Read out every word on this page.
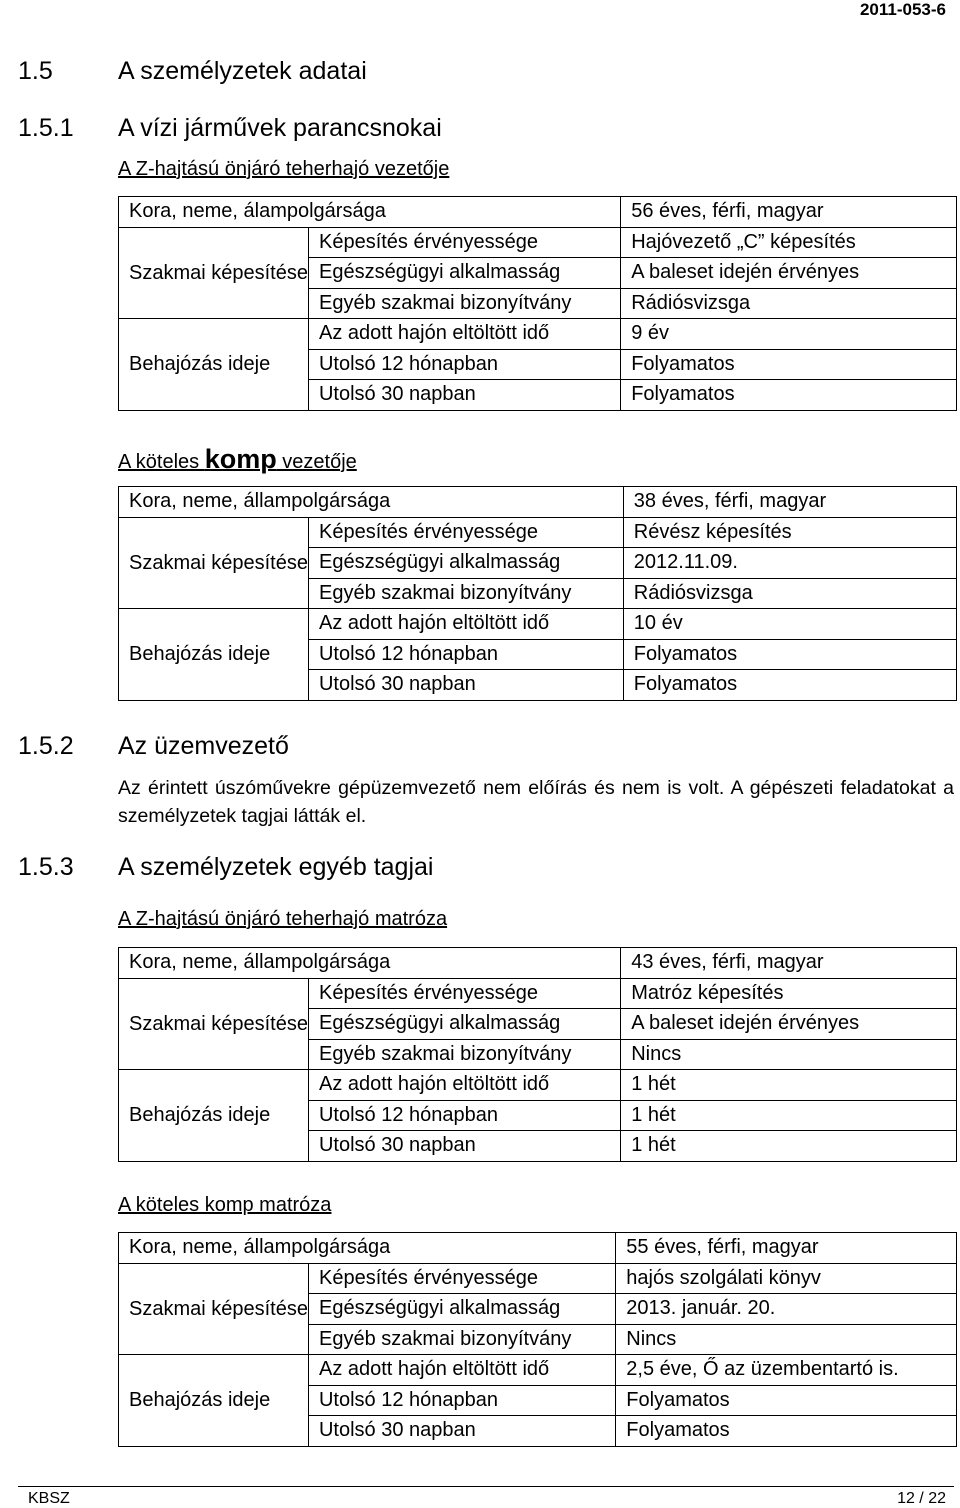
2011-053-6
1.5	A személyzetek adatai
1.5.1 A vízi járművek parancsnokai
A Z-hajtású önjáró teherhajó vezetője
Kora, neme, álampolgársága		56 éves, férfi, magyar
Szakmai képesítése	Képesítés érvényessége	Hajóvezető „C” képesítés
	Egészségügyi alkalmasság	A baleset idején érvényes
	Egyéb szakmai bizonyítvány	Rádiósvizsga
Behajózás ideje	Az adott hajón eltöltött idő	9 év
	Utolsó 12 hónapban	Folyamatos
	Utolsó 30 napban	Folyamatos
A köteles komp vezetője
Kora, neme, állampolgársága		38 éves, férfi, magyar
Szakmai képesítése	Képesítés érvényessége	Révész képesítés
	Egészségügyi alkalmasság	2012.11.09.
	Egyéb szakmai bizonyítvány	Rádiósvizsga
Behajózás ideje	Az adott hajón eltöltött idő	10 év
	Utolsó 12 hónapban	Folyamatos
	Utolsó 30 napban	Folyamatos
1.5.2 Az üzemvezető
Az érintett úszóművekre gépüzemvezető nem előírás és nem is volt. A gépészeti feladatokat a személyzetek tagjai látták el.
1.5.3 A személyzetek egyéb tagjai
A Z-hajtású önjáró teherhajó matróza
Kora, neme, állampolgársága		43 éves, férfi, magyar
Szakmai képesítése	Képesítés érvényessége	Matróz képesítés
	Egészségügyi alkalmasság	A baleset idején érvényes
	Egyéb szakmai bizonyítvány	Nincs
Behajózás ideje	Az adott hajón eltöltött idő	1 hét
	Utolsó 12 hónapban	1 hét
	Utolsó 30 napban	1 hét
A köteles komp matróza
Kora, neme, állampolgársága		55 éves, férfi, magyar
Szakmai képesítése	Képesítés érvényessége	hajós szolgálati könyv
	Egészségügyi alkalmasság	2013. január. 20.
	Egyéb szakmai bizonyítvány	Nincs
Behajózás ideje	Az adott hajón eltöltött idő	2,5 éve, Ő az üzembentartó is.
	Utolsó 12 hónapban	Folyamatos
	Utolsó 30 napban	Folyamatos
KBSZ	12 / 22
